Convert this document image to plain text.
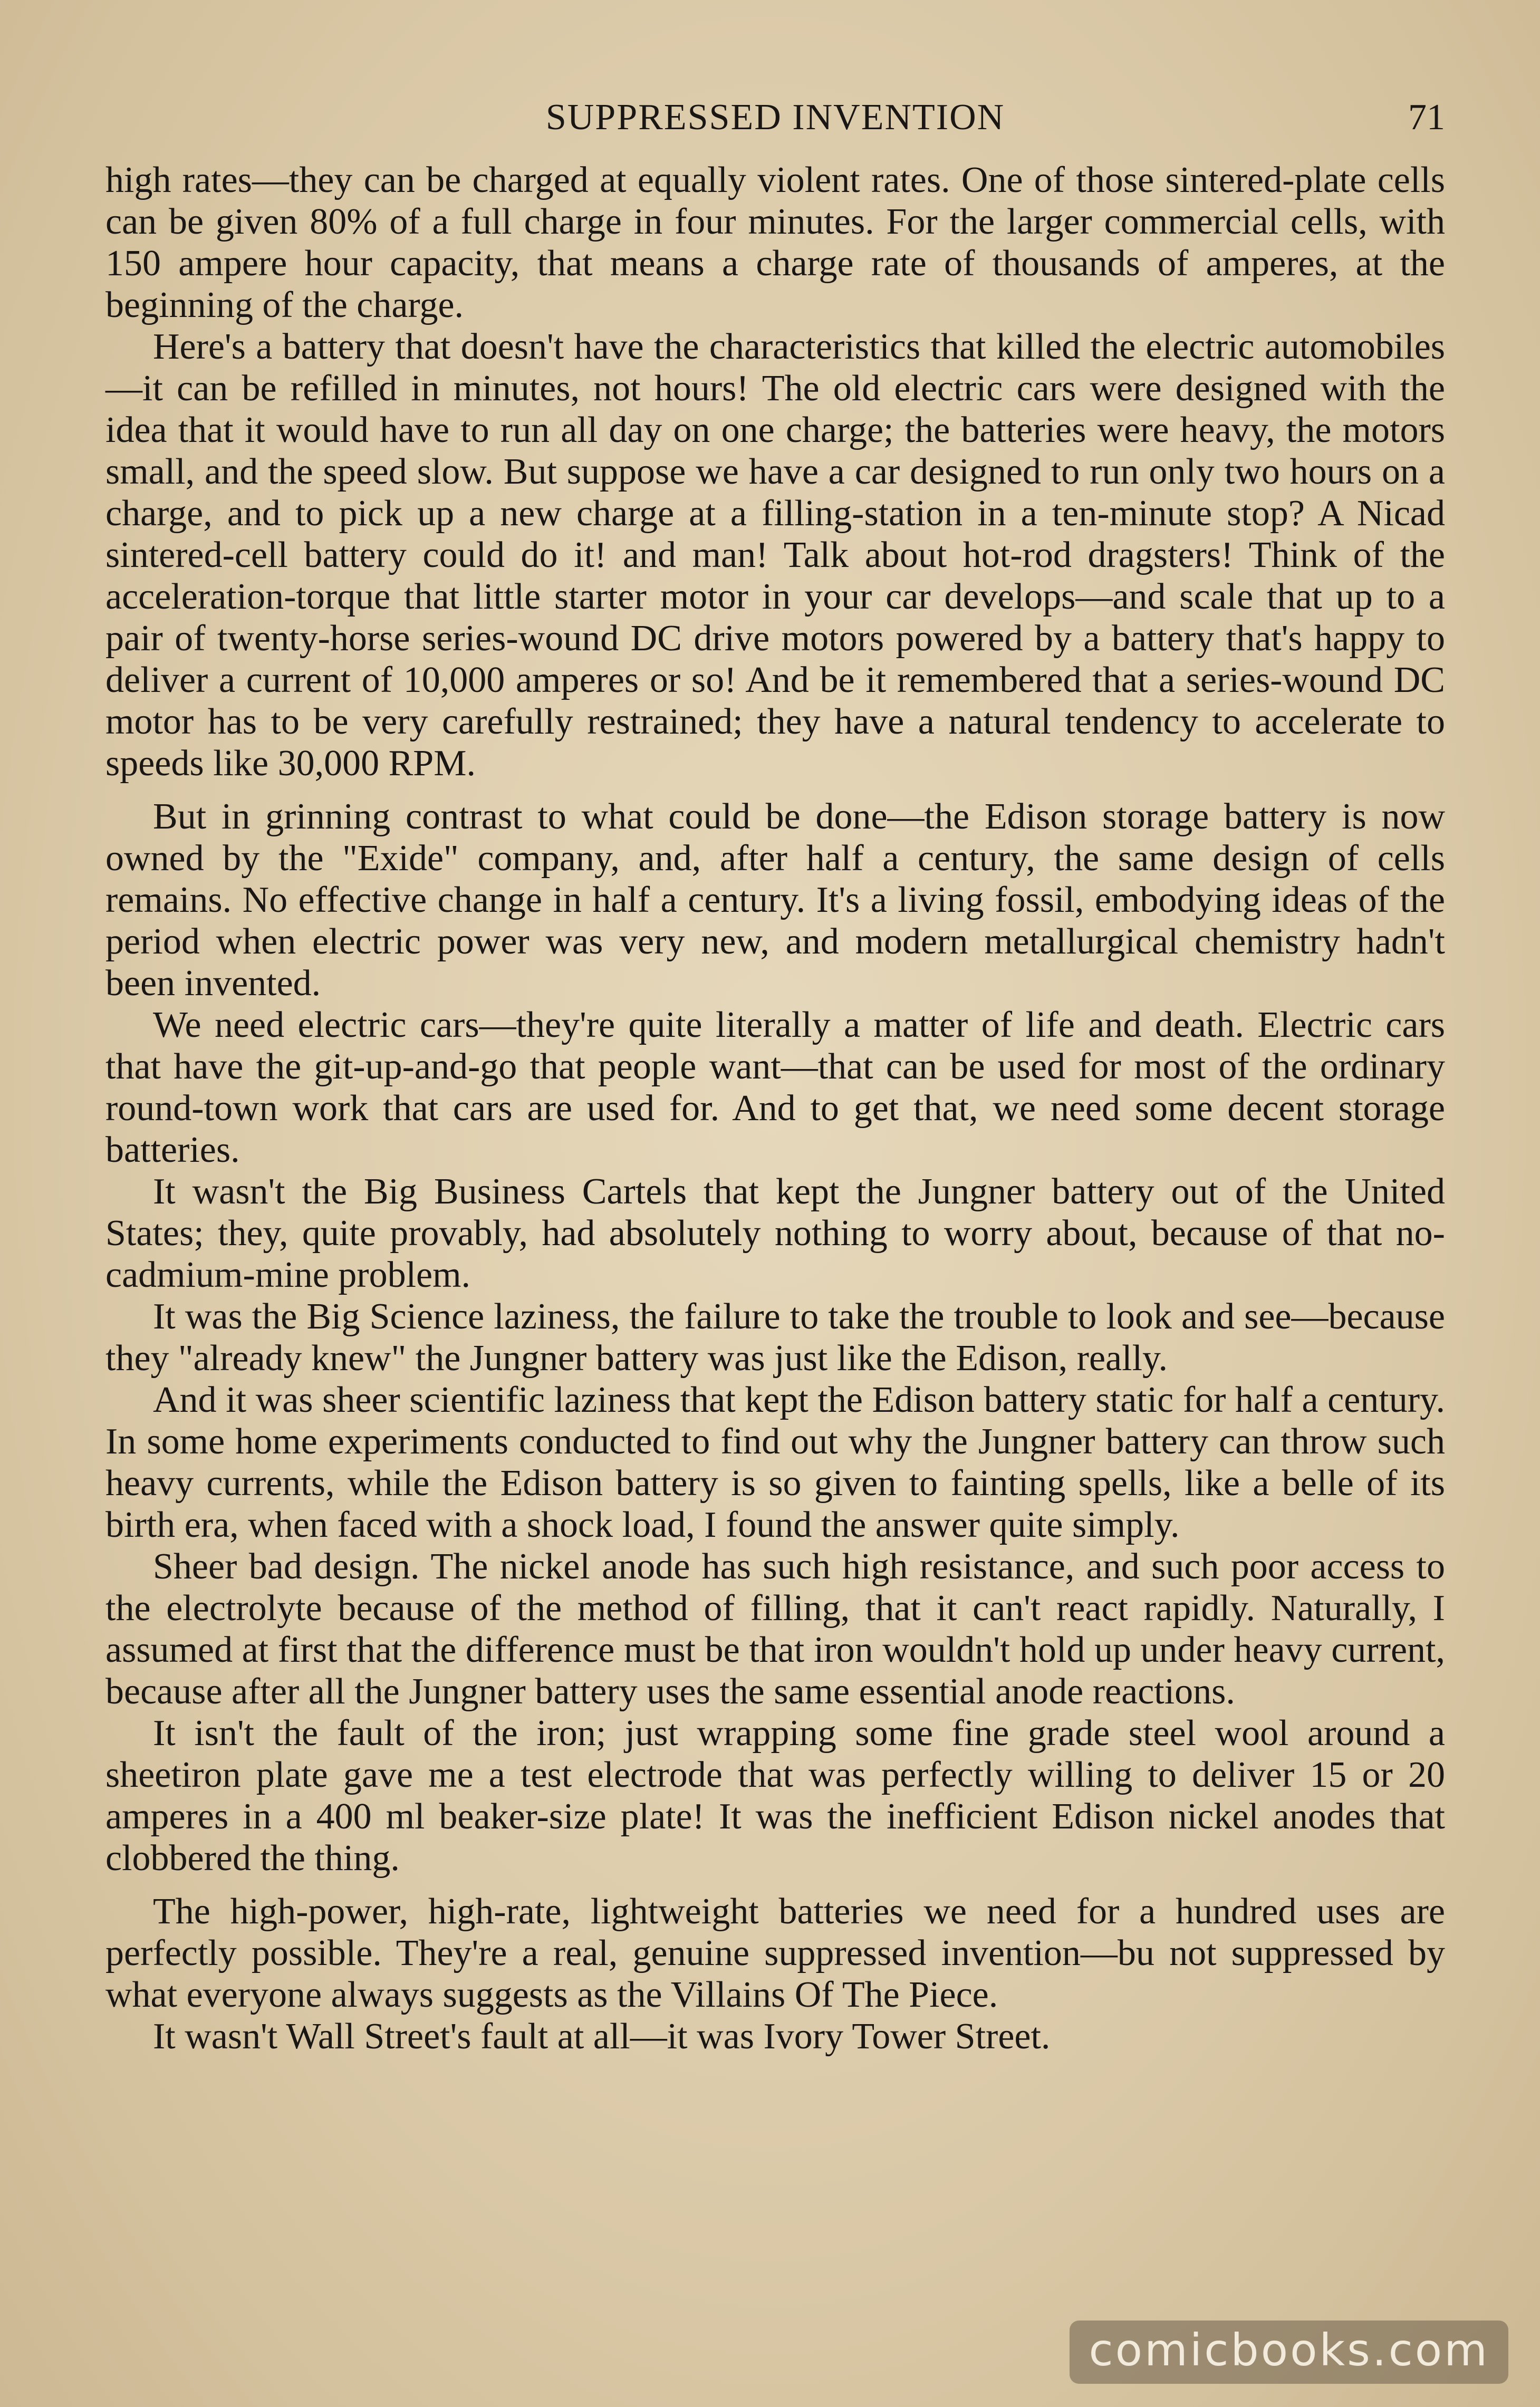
SUPPRESSED INVENTION	71

high rates—they can be charged at equally violent rates. One of those sintered-plate cells can be given 80% of a full charge in four minutes. For the larger commercial cells, with 150 ampere hour capacity, that means a charge rate of thousands of amperes, at the beginning of the charge.

Here's a battery that doesn't have the characteristics that killed the electric automobiles—it can be refilled in minutes, not hours! The old electric cars were designed with the idea that it would have to run all day on one charge; the batteries were heavy, the motors small, and the speed slow. But suppose we have a car designed to run only two hours on a charge, and to pick up a new charge at a filling-station in a ten-minute stop? A Nicad sintered-cell battery could do it! and man! Talk about hot-rod dragsters! Think of the acceleration-torque that little starter motor in your car develops—and scale that up to a pair of twenty-horse series-wound DC drive motors powered by a battery that's happy to deliver a current of 10,000 amperes or so! And be it remembered that a series-wound DC motor has to be very carefully restrained; they have a natural tendency to accelerate to speeds like 30,000 RPM.

But in grinning contrast to what could be done—the Edison storage battery is now owned by the "Exide" company, and, after half a century, the same design of cells remains. No effective change in half a century. It's a living fossil, embodying ideas of the period when electric power was very new, and modern metallurgical chemistry hadn't been invented.

We need electric cars—they're quite literally a matter of life and death. Electric cars that have the git-up-and-go that people want—that can be used for most of the ordinary round-town work that cars are used for. And to get that, we need some decent storage batteries.

It wasn't the Big Business Cartels that kept the Jungner battery out of the United States; they, quite provably, had absolutely nothing to worry about, because of that no-cadmium-mine problem.

It was the Big Science laziness, the failure to take the trouble to look and see—because they "already knew" the Jungner battery was just like the Edison, really.

And it was sheer scientific laziness that kept the Edison battery static for half a century. In some home experiments conducted to find out why the Jungner battery can throw such heavy currents, while the Edison battery is so given to fainting spells, like a belle of its birth era, when faced with a shock load, I found the answer quite simply.

Sheer bad design. The nickel anode has such high resistance, and such poor access to the electrolyte because of the method of filling, that it can't react rapidly. Naturally, I assumed at first that the difference must be that iron wouldn't hold up under heavy current, because after all the Jungner battery uses the same essential anode reactions.

It isn't the fault of the iron; just wrapping some fine grade steel wool around a sheetiron plate gave me a test electrode that was perfectly willing to deliver 15 or 20 amperes in a 400 ml beaker-size plate! It was the inefficient Edison nickel anodes that clobbered the thing.

The high-power, high-rate, lightweight batteries we need for a hundred uses are perfectly possible. They're a real, genuine suppressed invention—bu not suppressed by what everyone always suggests as the Villains Of The Piece.

It wasn't Wall Street's fault at all—it was Ivory Tower Street.

comicbooks.com
